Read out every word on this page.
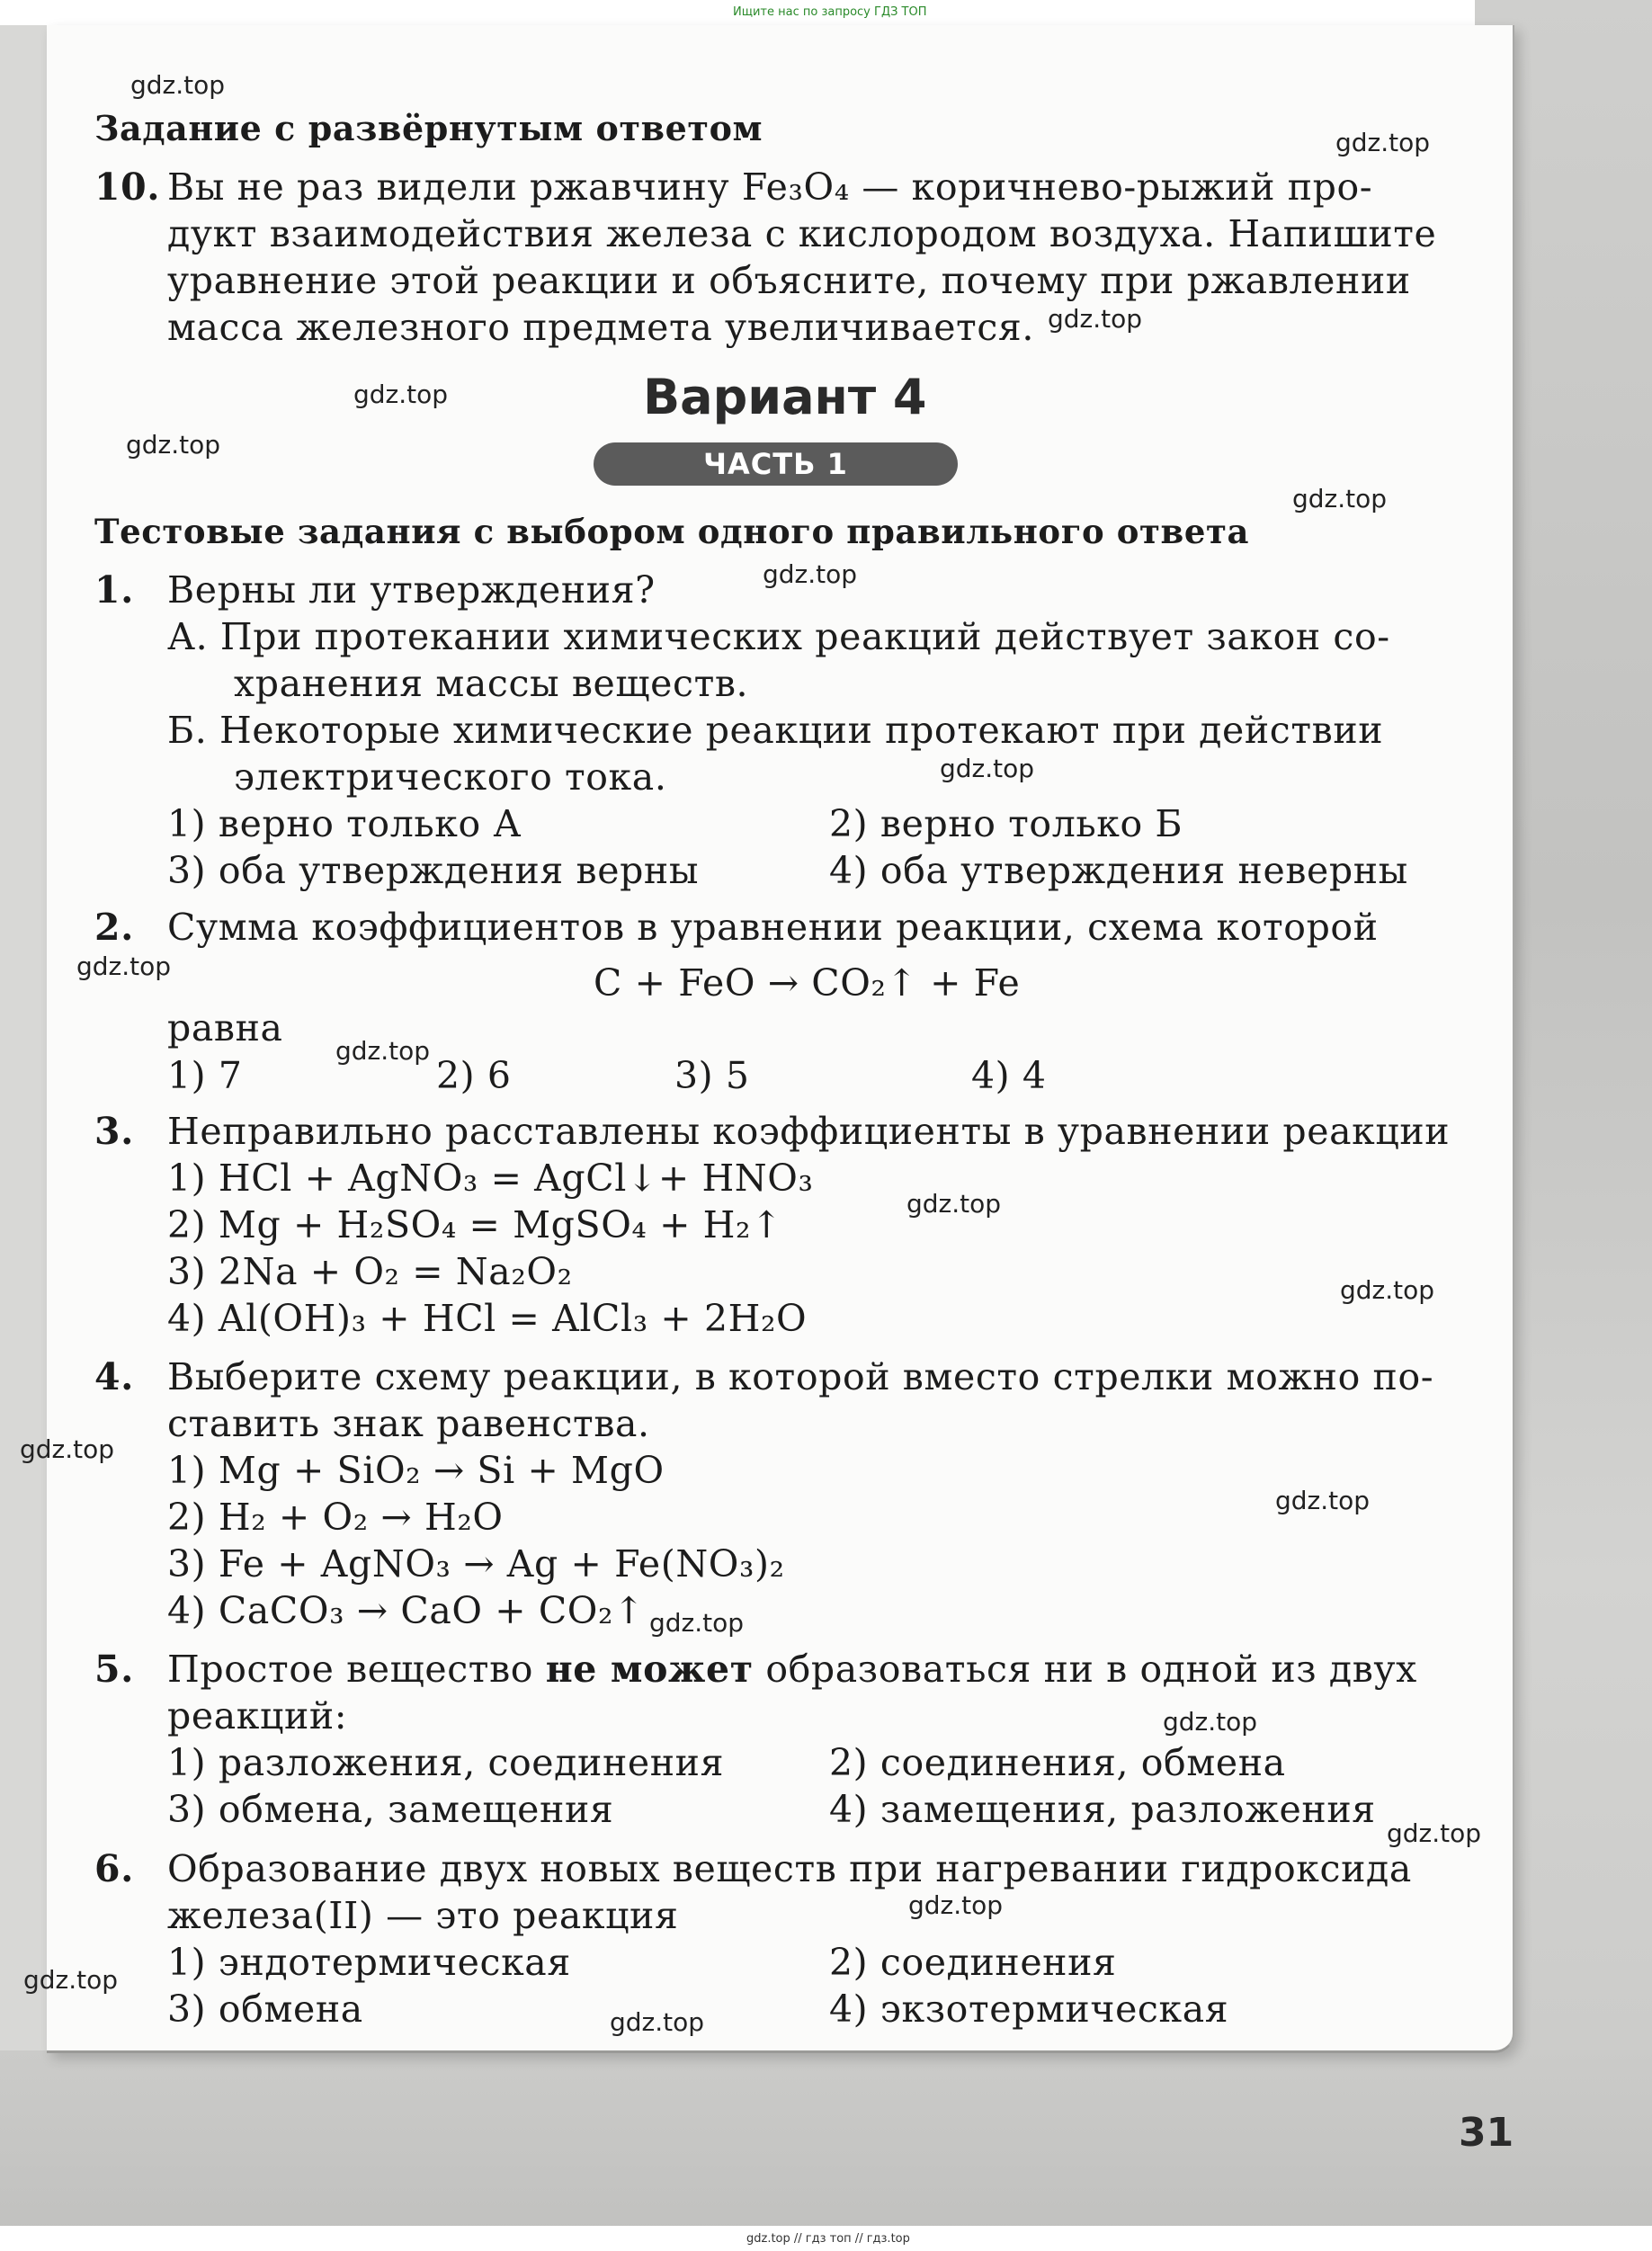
Ищите нас по запросу ГДЗ ТОП
Задание с развёрнутым ответом
10. Вы не раз видели ржавчину Fe₃O₄ — коричнево-рыжий про-
дукт взаимодействия железа с кислородом воздуха. Напишите
уравнение этой реакции и объясните, почему при ржавлении
масса железного предмета увеличивается.
Вариант 4
ЧАСТЬ 1
Тестовые задания с выбором одного правильного ответа
1. Верны ли утверждения?
А. При протекании химических реакций действует закон со-
хранения массы веществ.
Б. Некоторые химические реакции протекают при действии
электрического тока.
1) верно только А	2) верно только Б
3) оба утверждения верны	4) оба утверждения неверны
2. Сумма коэффициентов в уравнении реакции, схема которой
C + FeO → CO₂↑ + Fe
равна
1) 7	2) 6	3) 5	4) 4
3. Неправильно расставлены коэффициенты в уравнении реакции
1) HCl + AgNO₃ = AgCl↓+ HNO₃
2) Mg + H₂SO₄ = MgSO₄ + H₂↑
3) 2Na + O₂ = Na₂O₂
4) Al(OH)₃ + HCl = AlCl₃ + 2H₂O
4. Выберите схему реакции, в которой вместо стрелки можно по-
ставить знак равенства.
1) Mg + SiO₂ → Si + MgO
2) H₂ + O₂ → H₂O
3) Fe + AgNO₃ → Ag + Fe(NO₃)₂
4) CaCO₃ → CaO + CO₂↑
5. Простое вещество не может образоваться ни в одной из двух
реакций:
1) разложения, соединения	2) соединения, обмена
3) обмена, замещения	4) замещения, разложения
6. Образование двух новых веществ при нагревании гидроксида
железа(II) — это реакция
1) эндотермическая	2) соединения
3) обмена	4) экзотермическая
31
gdz.top
gdz.top
gdz.top
gdz.top
gdz.top
gdz.top
gdz.top
gdz.top
gdz.top
gdz.top
gdz.top
gdz.top
gdz.top
gdz.top
gdz.top
gdz.top
gdz.top
gdz.top
gdz.top
gdz.top
gdz.top // гдз топ // гдз.top
